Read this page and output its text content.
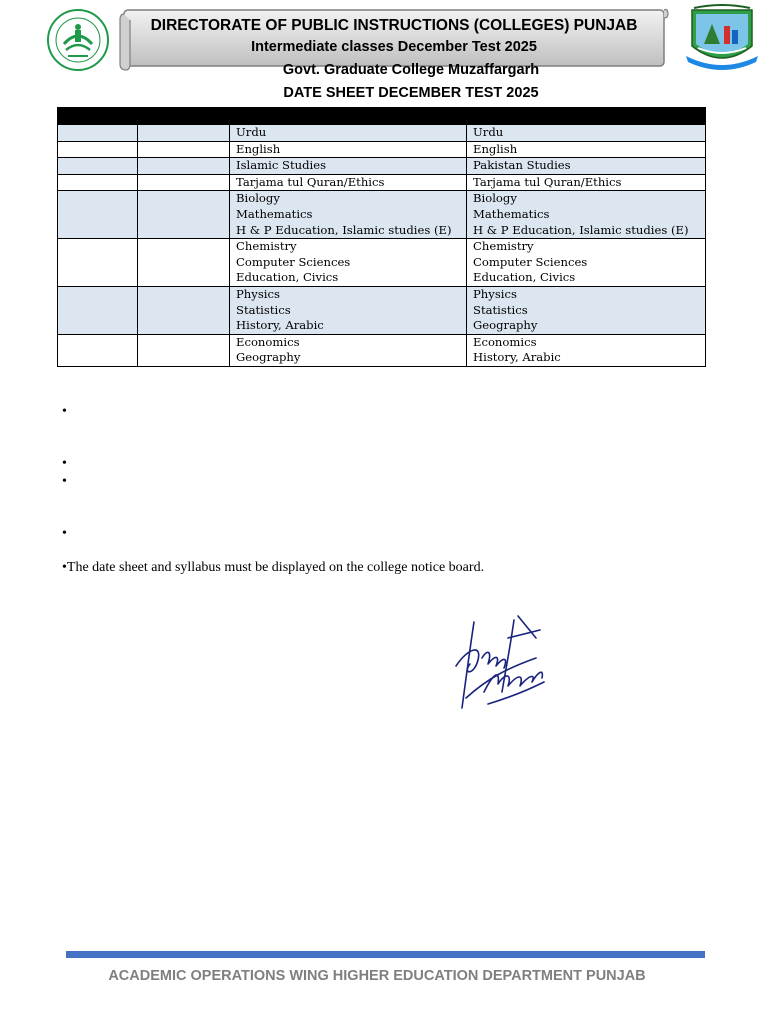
DIRECTORATE OF PUBLIC INSTRUCTIONS (COLLEGES) PUNJAB
Intermediate classes December Test 2025
Govt. Graduate College Muzaffargarh
DATE SHEET DECEMBER TEST 2025

		Urdu	Urdu

		English	English

		Islamic Studies	Pakistan Studies

		Tarjama tul Quran/Ethics	Tarjama tul Quran/Ethics

		Biology
Mathematics
H & P Education, Islamic studies (E)	Biology
Mathematics
H & P Education, Islamic studies (E)

		Chemistry
Computer Sciences
Education, Civics	Chemistry
Computer Sciences
Education, Civics

		Physics
Statistics
History, Arabic	Physics
Statistics
Geography

		Economics
Geography	Economics
History, Arabic
•
•
•
•
•The date sheet and syllabus must be displayed on the college notice board.
ACADEMIC OPERATIONS WING HIGHER EDUCATION DEPARTMENT PUNJAB
